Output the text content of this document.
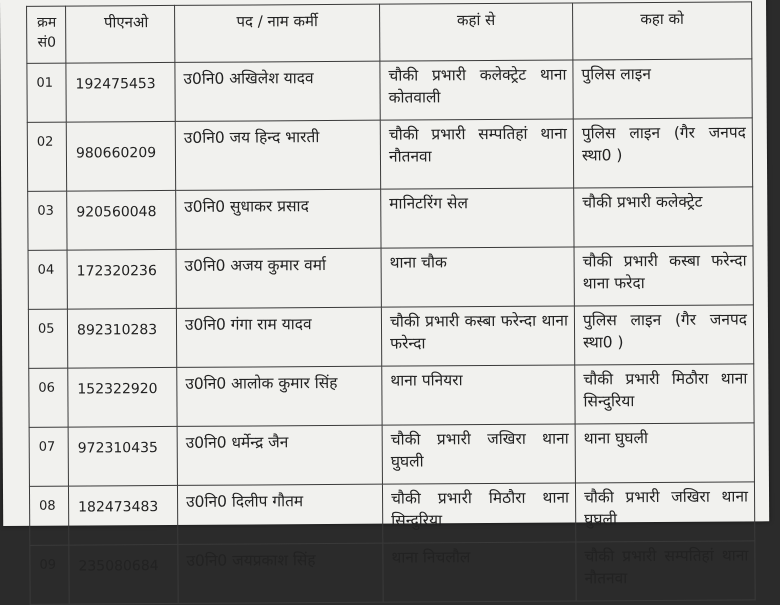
क्रम सं0	पीएनओ	पद / नाम कर्मी	कहां से	कहा को

01	192475453	उ0नि0 अखिलेश यादव	चौकी प्रभारी कलेक्ट्रेट थाना कोतवाली	पुलिस लाइन
02	980660209	उ0नि0 जय हिन्द भारती	चौकी प्रभारी सम्पतिहां थाना नौतनवा	पुलिस लाइन (गैर जनपद स्था0 )
03	920560048	उ0नि0 सुधाकर प्रसाद	मानिटरिंग सेल	चौकी प्रभारी कलेक्ट्रेट
04	172320236	उ0नि0 अजय कुमार वर्मा	थाना चौक	चौकी प्रभारी कस्बा फरेन्दा थाना फरेदा
05	892310283	उ0नि0 गंगा राम यादव	चौकी प्रभारी कस्बा फरेन्दा थाना फरेन्दा	पुलिस लाइन (गैर जनपद स्था0 )
06	152322920	उ0नि0 आलोक कुमार सिंह	थाना पनियरा	चौकी प्रभारी मिठौरा थाना सिन्दुरिया
07	972310435	उ0नि0 धर्मेन्द्र जैन	चौकी प्रभारी जखिरा थाना घुघली	थाना घुघली
08	182473483	उ0नि0 दिलीप गौतम	चौकी प्रभारी मिठौरा थाना सिन्दुरिया	चौकी प्रभारी जखिरा थाना घुघली
09	235080684	उ0नि0 जयप्रकाश सिंह	थाना निचलौल	चौकी प्रभारी सम्पतिहां थाना नौतनवा
